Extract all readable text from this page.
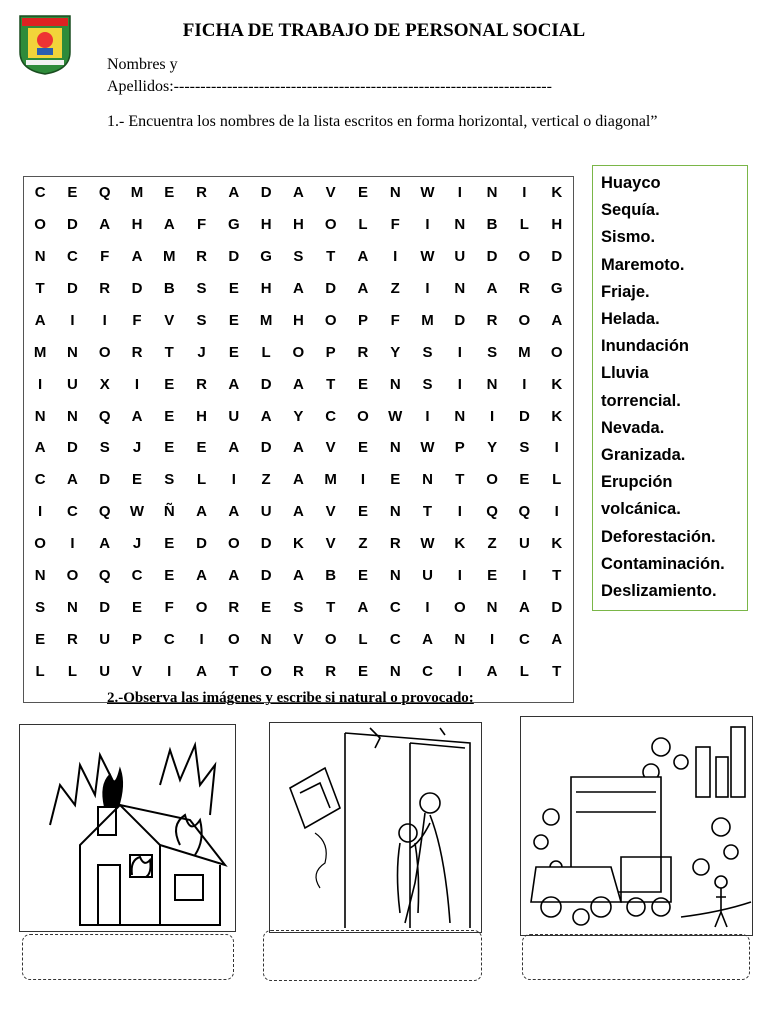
FICHA DE TRABAJO DE PERSONAL SOCIAL
Nombres y
Apellidos:-----------------------------------------------------------------------
1.- Encuentra los nombres de la lista escritos en forma horizontal, vertical o diagonal”
C	E	Q	M	E	R	A	D	A	V	E	N	W	I	N	I	K
O	D	A	H	A	F	G	H	H	O	L	F	I	N	B	L	H
N	C	F	A	M	R	D	G	S	T	A	I	W	U	D	O	D
T	D	R	D	B	S	E	H	A	D	A	Z	I	N	A	R	G
A	I	I	F	V	S	E	M	H	O	P	F	M	D	R	O	A
M	N	O	R	T	J	E	L	O	P	R	Y	S	I	S	M	O
I	U	X	I	E	R	A	D	A	T	E	N	S	I	N	I	K
N	N	Q	A	E	H	U	A	Y	C	O	W	I	N	I	D	K
A	D	S	J	E	E	A	D	A	V	E	N	W	P	Y	S	I
C	A	D	E	S	L	I	Z	A	M	I	E	N	T	O	E	L
I	C	Q	W	Ñ	A	A	U	A	V	E	N	T	I	Q	Q	I
O	I	A	J	E	D	O	D	K	V	Z	R	W	K	Z	U	K
N	O	Q	C	E	A	A	D	A	B	E	N	U	I	E	I	T
S	N	D	E	F	O	R	E	S	T	A	C	I	O	N	A	D
E	R	U	P	C	I	O	N	V	O	L	C	A	N	I	C	A
L	L	U	V	I	A	T	O	R	R	E	N	C	I	A	L	T
Huayco
Sequía.
Sismo.
Maremoto.
Friaje.
Helada.
Inundación
Lluvia
torrencial.
Nevada.
Granizada.
Erupción
volcánica.
Deforestación.
Contaminación.
Deslizamiento.
2.-Observa las imágenes y escribe si natural o provocado:
